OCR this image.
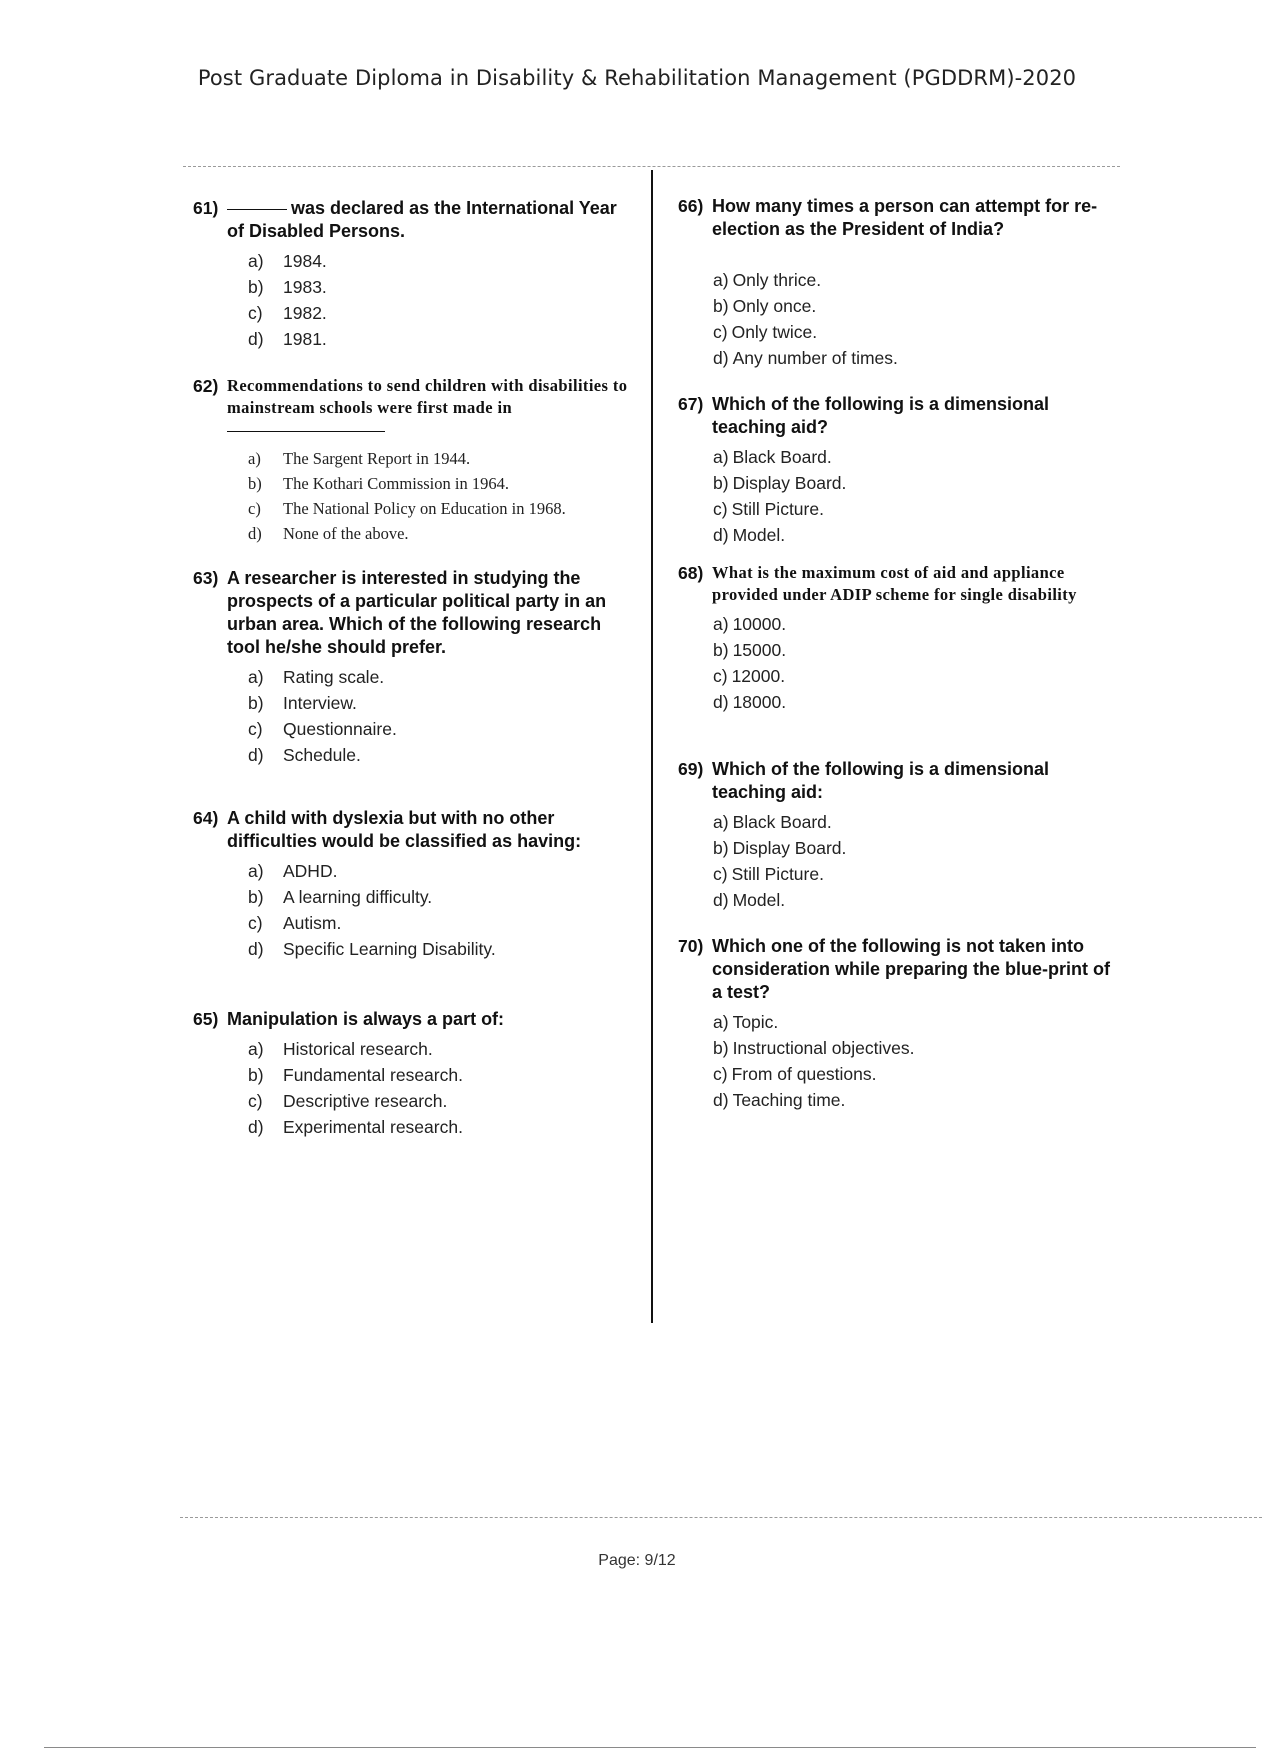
Post Graduate Diploma in Disability & Rehabilitation Management (PGDDRM)-2020
61)	was declared as the International Year of Disabled Persons.
a)	1984.
b)	1983.
c)	1982.
d)	1981.
62) Recommendations to send children with disabilities to mainstream schools were first made in
a)	The Sargent Report in 1944.
b)	The Kothari Commission in 1964.
c)	The National Policy on Education in 1968.
d)	None of the above.
63) A researcher is interested in studying the prospects of a particular political party in an urban area. Which of the following research tool he/she should prefer.
a)	Rating scale.
b)	Interview.
c)	Questionnaire.
d)	Schedule.
64) A child with dyslexia but with no other difficulties would be classified as having:
a)	ADHD.
b)	A learning difficulty.
c)	Autism.
d)	Specific Learning Disability.
65) Manipulation is always a part of:
a)	Historical research.
b)	Fundamental research.
c)	Descriptive research.
d)	Experimental research.
66) How many times a person can attempt for re-election as the President of India?
a) Only thrice.
b) Only once.
c) Only twice.
d) Any number of times.
67) Which of the following is a dimensional teaching aid?
a) Black Board.
b) Display Board.
c) Still Picture.
d) Model.
68) What is the maximum cost of aid and appliance provided under ADIP scheme for single disability
a) 10000.
b) 15000.
c) 12000.
d) 18000.
69) Which of the following is a dimensional teaching aid:
a) Black Board.
b) Display Board.
c) Still Picture.
d) Model.
70) Which one of the following is not taken into consideration while preparing the blue-print of a test?
a) Topic.
b) Instructional objectives.
c) From of questions.
d) Teaching time.
Page: 9/12
